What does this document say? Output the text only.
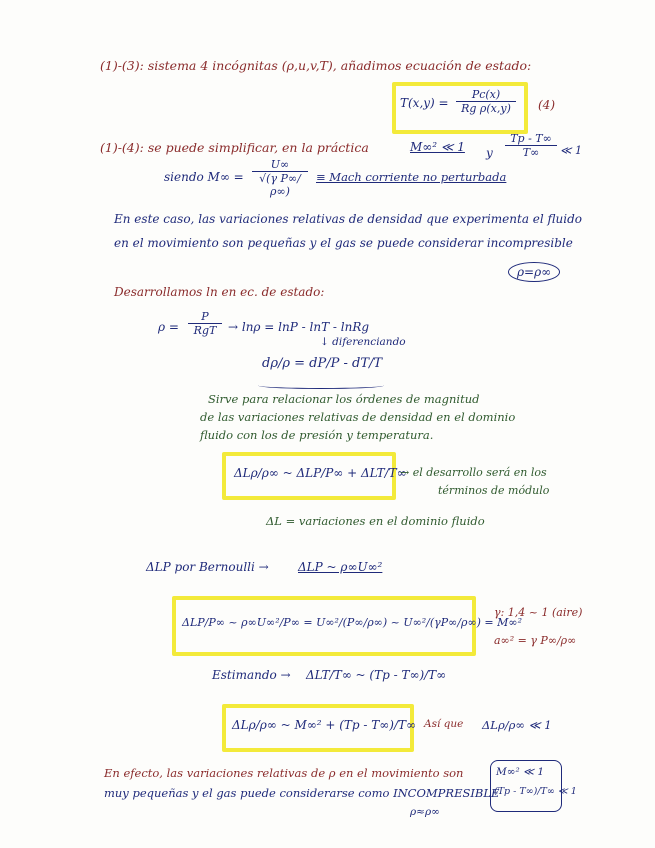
(1)-(3): sistema 4 incógnitas (ρ,u,v,T), añadimos ecuación de estado:
$T(x,y) = \frac{Pc(x)}{\text{Rg ρ(x,y)}} (4)$
(1)-(4): se puede simplificar, en la práctica	M∞² ≪ 1 y $\frac{Tp - T\infty}{T\infty}$ ≪ 1
siendo $M\infty = \frac{U\infty}{\text{√(γ P∞/ρ∞)}}$ ≡ Mach corriente no perturbada
En este caso, las variaciones relativas de densidad que experimenta el fluido
en el movimiento son pequeñas y el gas se puede considerar incompresible
ρ=ρ∞
Desarrollamos ln en ec. de estado:
ρ =
P
RgT → lnρ = lnP - lnT - lnRg
↓ diferenciando
dρ/ρ = dP/P - dT/T
Sirve para relacionar los órdenes de magnitud
de las variaciones relativas de densidad en el dominio
fluido con los de presión y temperatura.
ΔLρ/ρ∞ ~ ΔLP/P∞ + ΔLT/T∞
→ el desarrollo será en los
términos de módulo
ΔL = variaciones en el dominio fluido
ΔLP por Bernoulli → ΔLP ~ ρ∞U∞²
ΔLP/P∞ ~ ρ∞U∞²/P∞ = U∞²/(P∞/ρ∞) ~ U∞²/(γP∞/ρ∞) = M∞²
γ: 1,4 ~ 1 (aire)
a∞² = γ P∞/ρ∞
Estimando → ΔLT/T∞ ~ (Tp - T∞)/T∞
ΔLρ/ρ∞ ~ M∞² + (Tp - T∞)/T∞ Así que ΔLρ/ρ∞ ≪ 1
En efecto, las variaciones relativas de ρ en el movimiento son
muy pequeñas y el gas puede considerarse como INCOMPRESIBLE
ρ≈ρ∞
M∞² ≪ 1
(Tp - T∞)/T∞ ≪ 1
